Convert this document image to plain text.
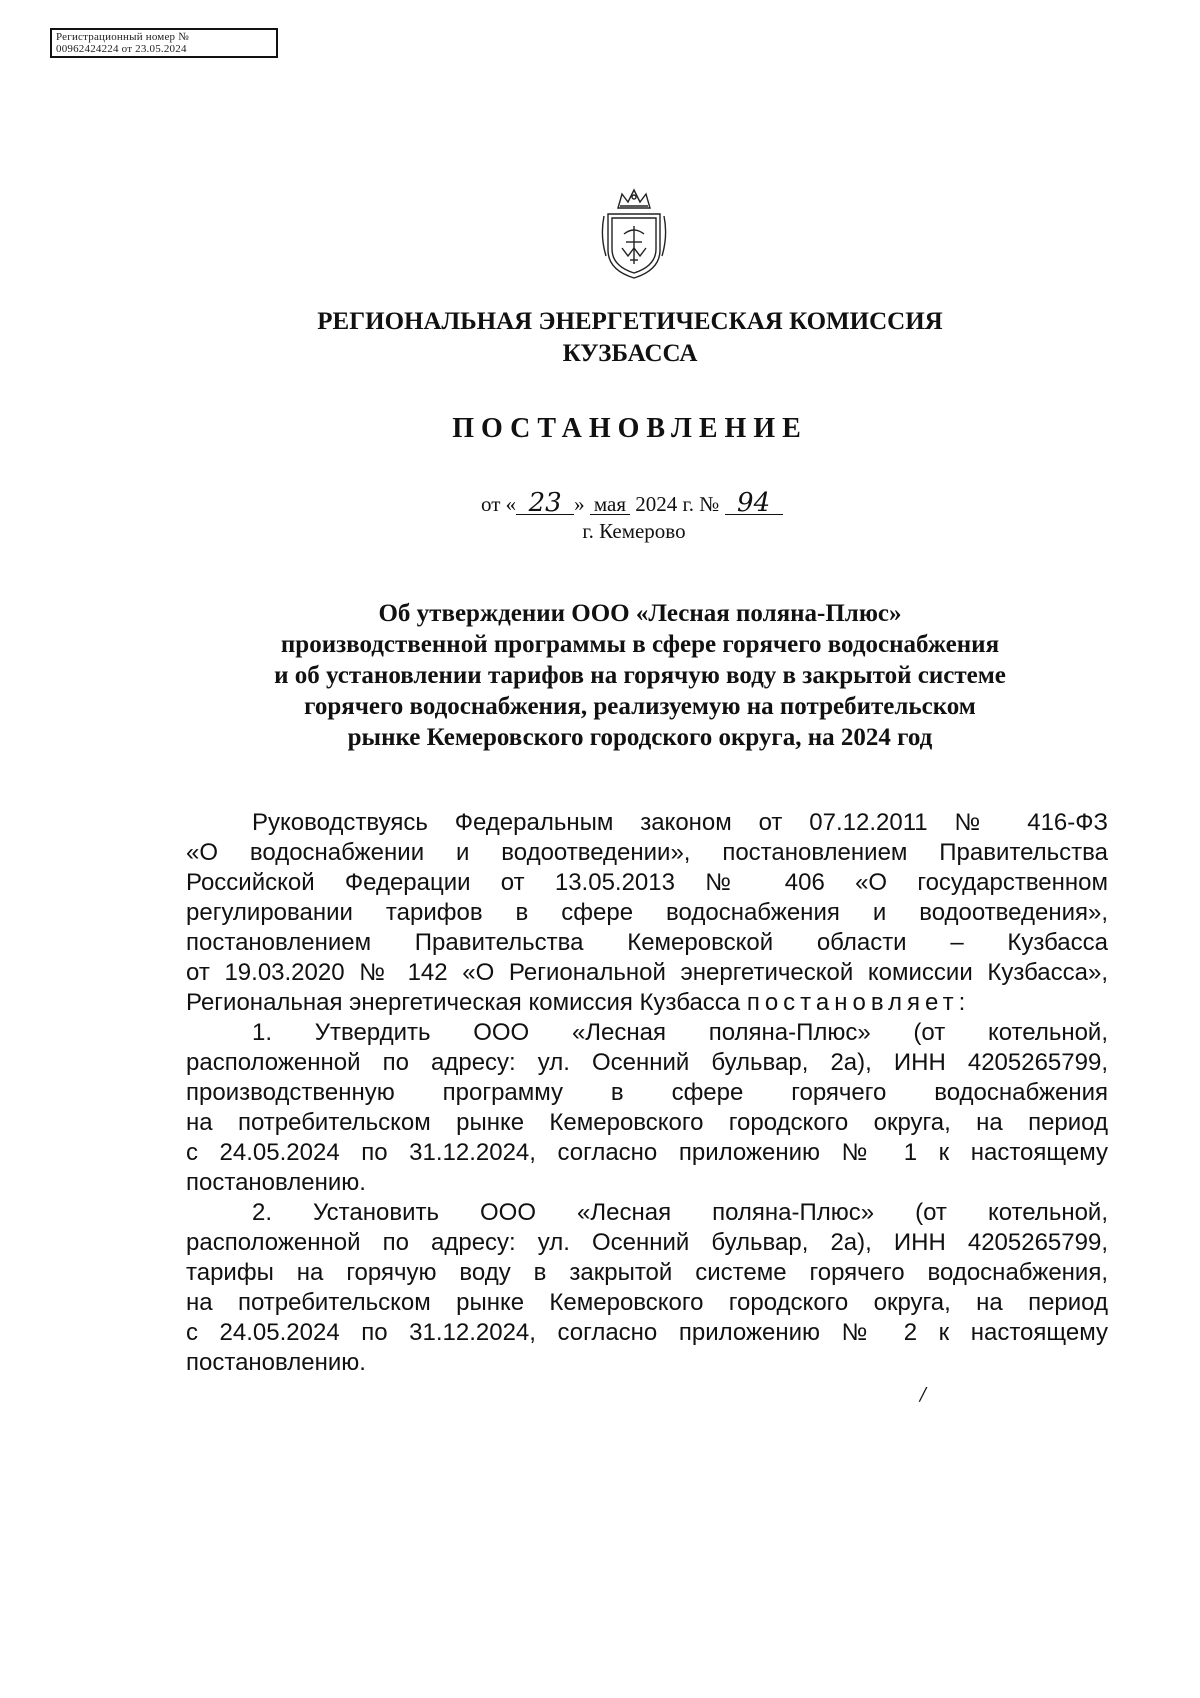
Регистрационный номер №
00962424224 от 23.05.2024
РЕГИОНАЛЬНАЯ ЭНЕРГЕТИЧЕСКАЯ КОМИССИЯ
КУЗБАССА
ПОСТАНОВЛЕНИЕ
от « 23 » мая 2024 г. № 94
г. Кемерово
Об утверждении ООО «Лесная поляна-Плюс»
производственной программы в сфере горячего водоснабжения
и об установлении тарифов на горячую воду в закрытой системе
горячего водоснабжения, реализуемую на потребительском
рынке Кемеровского городского округа, на 2024 год
Руководствуясь Федеральным законом от 07.12.2011 № 416-ФЗ
«О водоснабжении и водоотведении», постановлением Правительства
Российской Федерации от 13.05.2013 № 406 «О государственном
регулировании тарифов в сфере водоснабжения и водоотведения»,
постановлением Правительства Кемеровской области – Кузбасса
от 19.03.2020 № 142 «О Региональной энергетической комиссии Кузбасса»,
Региональная энергетическая комиссия Кузбасса постановляет:
1. Утвердить ООО «Лесная поляна-Плюс» (от котельной,
расположенной по адресу: ул. Осенний бульвар, 2а), ИНН 4205265799,
производственную программу в сфере горячего водоснабжения
на потребительском рынке Кемеровского городского округа, на период
с 24.05.2024 по 31.12.2024, согласно приложению № 1 к настоящему
постановлению.
2. Установить ООО «Лесная поляна-Плюс» (от котельной,
расположенной по адресу: ул. Осенний бульвар, 2а), ИНН 4205265799,
тарифы на горячую воду в закрытой системе горячего водоснабжения,
на потребительском рынке Кемеровского городского округа, на период
с 24.05.2024 по 31.12.2024, согласно приложению № 2 к настоящему
постановлению.
/
